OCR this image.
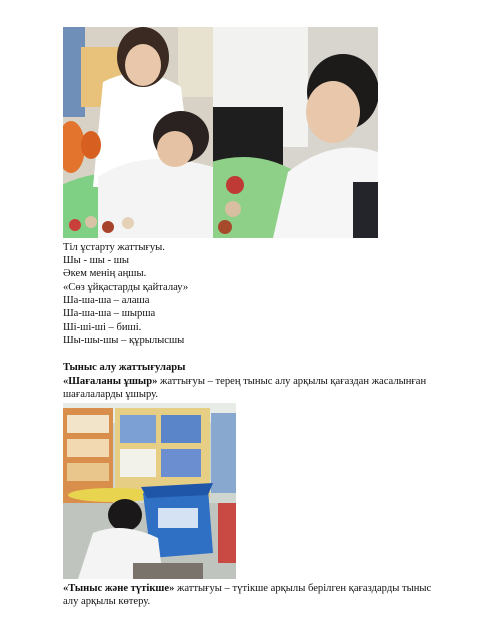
Тіл ұстарту жаттығуы.
Шы - шы - шы
Әкем менің аңшы.
«Сөз ұйқастарды қайталау»
Ша-ша-ша – алаша
Ша-ша-ша – шырша
Ші-ші-ші – биші.
Шы-шы-шы – құрылысшы
Тыныс алу жаттығулары
«Шағаланы ұшыр» жаттығуы – терең тыныс алу арқылы қағаздан жасалынған шағалаларды ұшыру.
«Тыныс және түтікше» жаттығуы – түтікше арқылы берілген қағаздарды тыныс алу арқылы көтеру.
